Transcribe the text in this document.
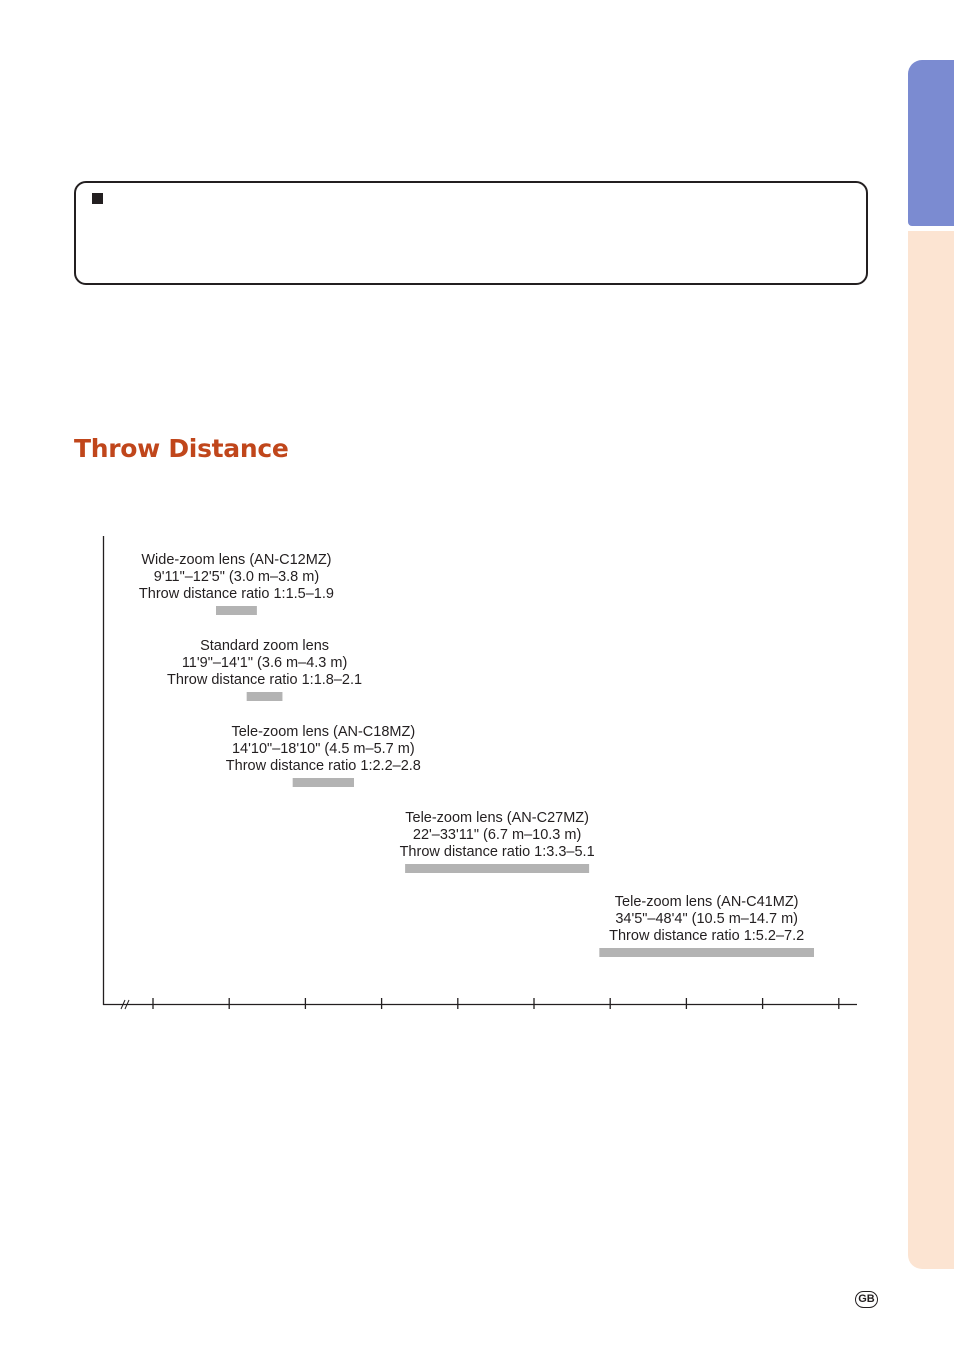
Throw Distance
Wide-zoom lens (AN-C12MZ)
9'11"–12'5" (3.0 m–3.8 m)
Throw distance ratio 1:1.5–1.9
Standard zoom lens
11'9"–14'1" (3.6 m–4.3 m)
Throw distance ratio 1:1.8–2.1
Tele-zoom lens (AN-C18MZ)
14'10"–18'10" (4.5 m–5.7 m)
Throw distance ratio 1:2.2–2.8
Tele-zoom lens (AN-C27MZ)
22'–33'11" (6.7 m–10.3 m)
Throw distance ratio 1:3.3–5.1
Tele-zoom lens (AN-C41MZ)
34'5"–48'4" (10.5 m–14.7 m)
Throw distance ratio 1:5.2–7.2
GB
